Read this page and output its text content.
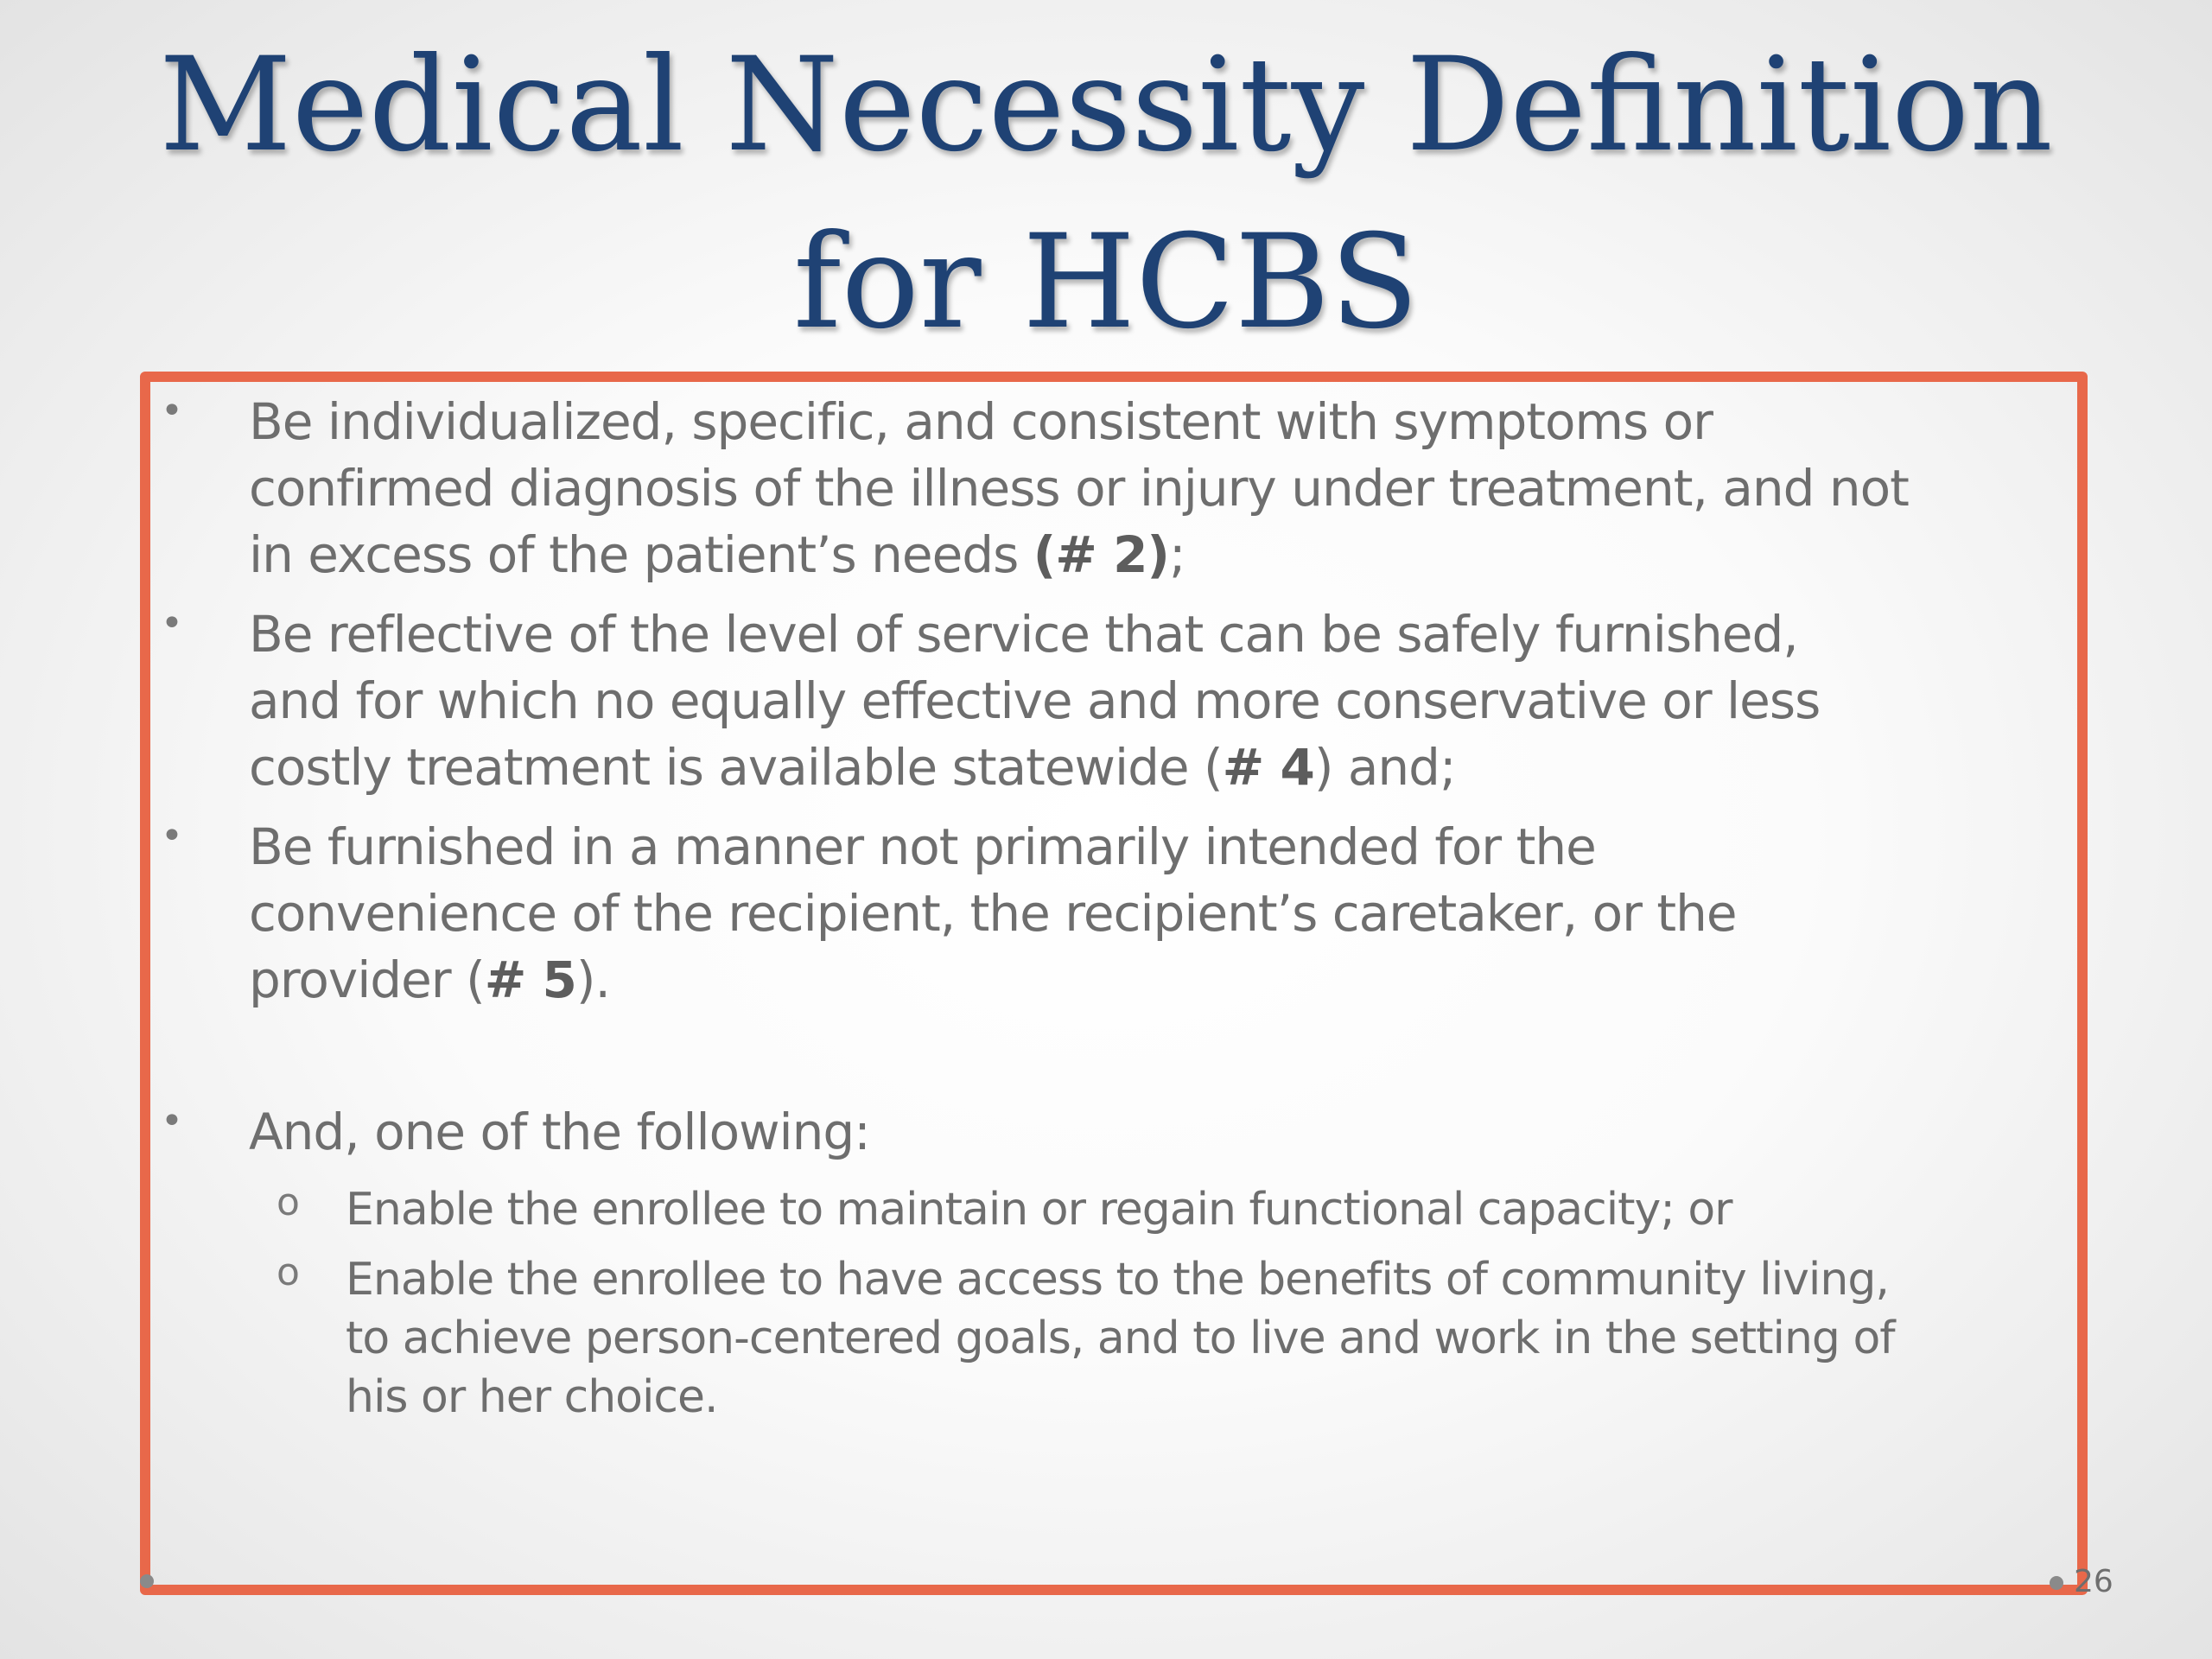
Medical Necessity Definition
for HCBS
• Be individualized, specific, and consistent with symptoms or
confirmed diagnosis of the illness or injury under treatment, and not
in excess of the patient’s needs (# 2);
• Be reflective of the level of service that can be safely furnished,
and for which no equally effective and more conservative or less
costly treatment is available statewide (# 4) and;
• Be furnished in a manner not primarily intended for the
convenience of the recipient, the recipient’s caretaker, or the
provider (# 5).
• And, one of the following:
o Enable the enrollee to maintain or regain functional capacity; or
o Enable the enrollee to have access to the benefits of community living,
to achieve person-centered goals, and to live and work in the setting of
his or her choice.
26
